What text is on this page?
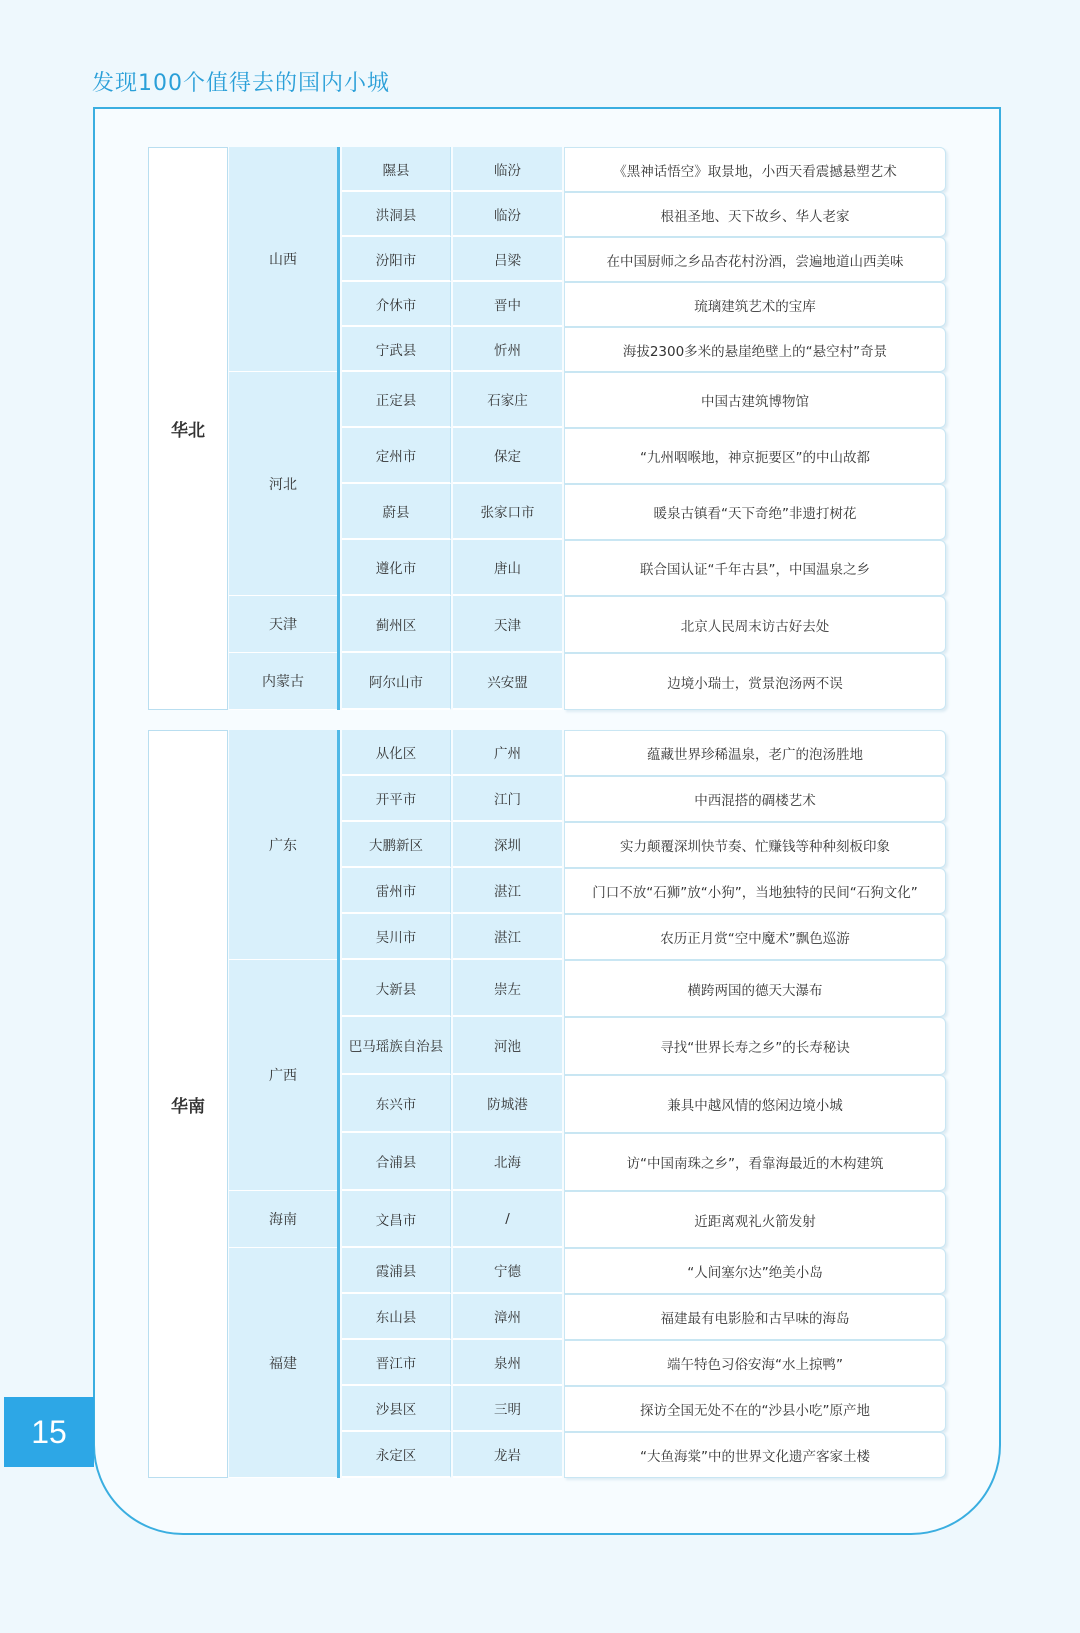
发现100个值得去的国内小城
15
隰县	临汾	《黑神话悟空》取景地，小西天看震撼悬塑艺术
洪洞县	临汾	根祖圣地、天下故乡、华人老家
汾阳市	吕梁	在中国厨师之乡品杏花村汾酒，尝遍地道山西美味
介休市	晋中	琉璃建筑艺术的宝库
宁武县	忻州	海拔2300多米的悬崖绝壁上的“悬空村”奇景
山西
正定县	石家庄	中国古建筑博物馆
定州市	保定	“九州咽喉地，神京扼要区”的中山故都
蔚县	张家口市	暖泉古镇看“天下奇绝”非遗打树花
遵化市	唐山	联合国认证“千年古县”，中国温泉之乡
河北
蓟州区	天津	北京人民周末访古好去处
天津
阿尔山市	兴安盟	边境小瑞士，赏景泡汤两不误
内蒙古
华北
从化区	广州	蕴藏世界珍稀温泉，老广的泡汤胜地
开平市	江门	中西混搭的碉楼艺术
大鹏新区	深圳	实力颠覆深圳快节奏、忙赚钱等种种刻板印象
雷州市	湛江	门口不放“石狮”放“小狗”，当地独特的民间“石狗文化”
吴川市	湛江	农历正月赏“空中魔术”飘色巡游
广东
大新县	崇左	横跨两国的德天大瀑布
巴马瑶族自治县	河池	寻找“世界长寿之乡”的长寿秘诀
东兴市	防城港	兼具中越风情的悠闲边境小城
合浦县	北海	访“中国南珠之乡”，看靠海最近的木构建筑
广西
文昌市	/	近距离观礼火箭发射
海南
霞浦县	宁德	“人间塞尔达”绝美小岛
东山县	漳州	福建最有电影脸和古早味的海岛
晋江市	泉州	端午特色习俗安海“水上掠鸭”
沙县区	三明	探访全国无处不在的“沙县小吃”原产地
永定区	龙岩	“大鱼海棠”中的世界文化遗产客家土楼
福建
华南
